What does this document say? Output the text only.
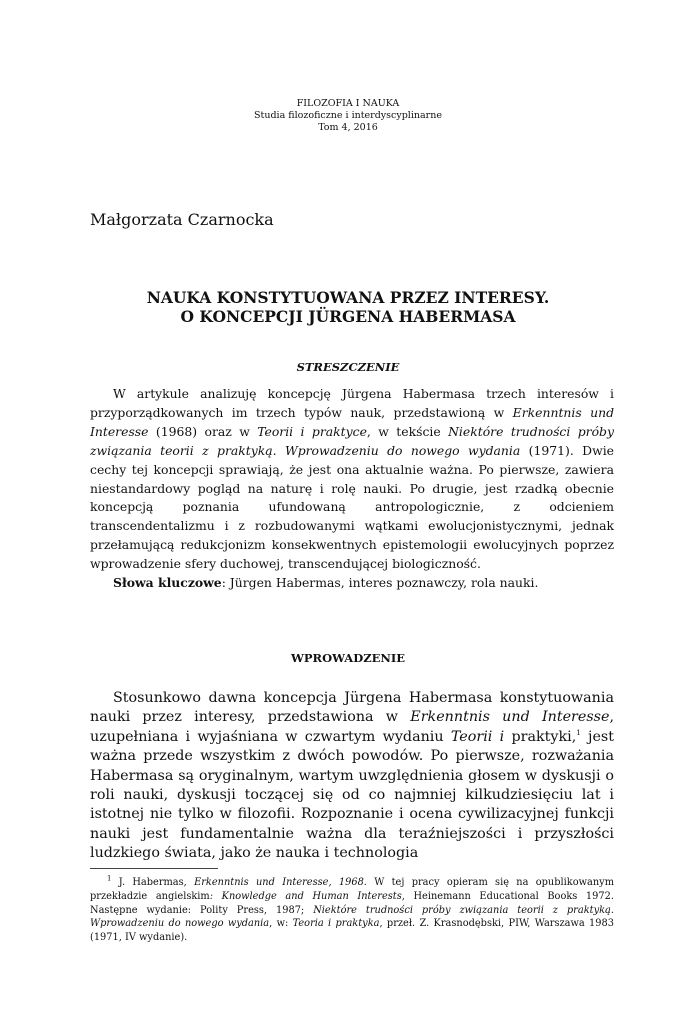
FILOZOFIA I NAUKA
Studia filozoficzne i interdyscyplinarne
Tom 4, 2016
Małgorzata Czarnocka
NAUKA KONSTYTUOWANA PRZEZ INTERESY.
O KONCEPCJI JÜRGENA HABERMASA
STRESZCZENIE

W artykule analizuję koncepcję Jürgena Habermasa trzech interesów i przyporządkowanych im trzech typów nauk, przedstawioną w Erkenntnis und Interesse (1968) oraz w Teorii i praktyce, w tekście Niektóre trudności próby związania teorii z praktyką. Wprowadzeniu do nowego wydania (1971). Dwie cechy tej koncepcji sprawiają, że jest ona aktualnie ważna. Po pierwsze, zawiera niestandardowy pogląd na naturę i rolę nauki. Po drugie, jest rzadką obecnie koncepcją poznania ufundowaną antropologicznie, z odcieniem transcendentalizmu i z rozbudowanymi wątkami ewolucjonistycznymi, jednak przełamującą redukcjonizm konsekwentnych epistemologii ewolucyjnych poprzez wprowadzenie sfery duchowej, transcendującej biologiczność.

Słowa kluczowe: Jürgen Habermas, interes poznawczy, rola nauki.

WPROWADZENIE

Stosunkowo dawna koncepcja Jürgena Habermasa konstytuowania nauki przez interesy, przedstawiona w Erkenntnis und Interesse, uzupełniana i wyjaśniana w czwartym wydaniu Teorii i praktyki,$^1$ jest ważna przede wszystkim z dwóch powodów. Po pierwsze, rozważania Habermasa są oryginalnym, wartym uwzględnienia głosem w dyskusji o roli nauki, dyskusji toczącej się od co najmniej kilkudziesięciu lat i istotnej nie tylko w filozofii. Rozpoznanie i ocena cywilizacyjnej funkcji nauki jest fundamentalnie ważna dla teraźniejszości i przyszłości ludzkiego świata, jako że nauka i technologia

$^1$ J. Habermas, Erkenntnis und Interesse, 1968. W tej pracy opieram się na opublikowanym przekładzie angielskim: Knowledge and Human Interests, Heinemann Educational Books 1972. Następne wydanie: Polity Press, 1987; Niektóre trudności próby związania teorii z praktyką. Wprowadzeniu do nowego wydania, w: Teoria i praktyka, przeł. Z. Krasnodębski, PIW, Warszawa 1983 (1971, IV wydanie).
